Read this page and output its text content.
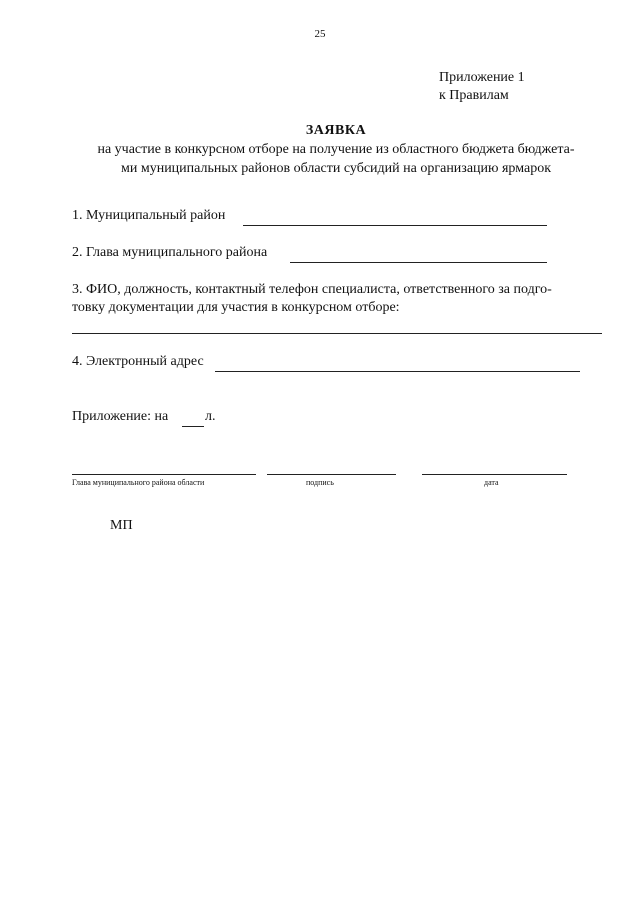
25
Приложение 1
к Правилам
ЗАЯВКА
на участие в конкурсном отборе на получение из областного бюджета бюджета-
ми муниципальных районов области субсидий на организацию ярмарок
1. Муниципальный район
2. Глава муниципального района
3. ФИО, должность, контактный телефон специалиста, ответственного за подго-
товку документации для участия в конкурсном отборе:
4. Электронный адрес
Приложение: на	л.
Глава муниципального района области	подпись	дата
МП
